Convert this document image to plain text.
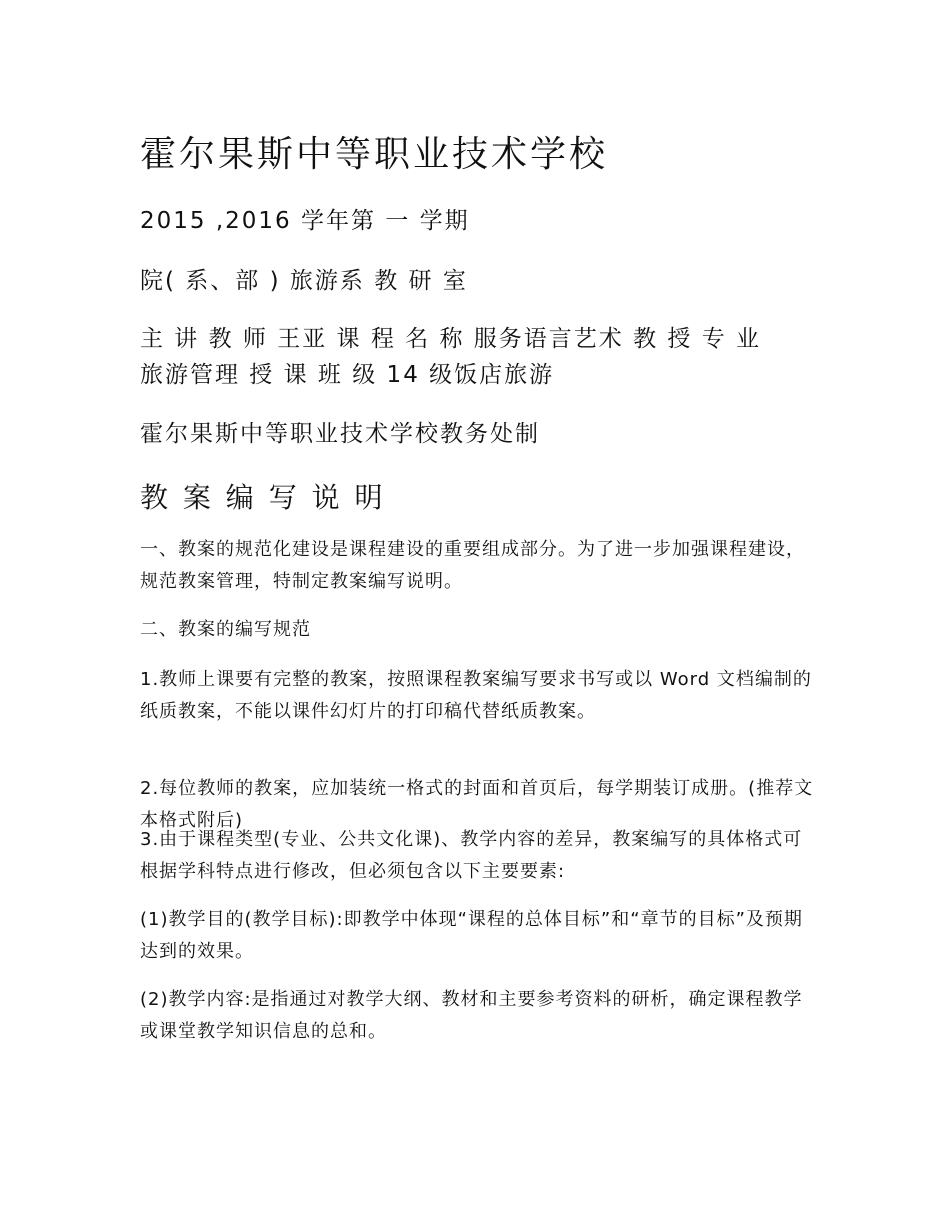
霍尔果斯中等职业技术学校

2015 ,2016 学年第 一 学期

院( 系、部 ) 旅游系 教 研 室

主 讲 教 师 王亚 课 程 名 称 服务语言艺术 教 授 专 业

旅游管理 授 课 班 级 14 级饭店旅游

霍尔果斯中等职业技术学校教务处制

教 案 编 写 说 明

一、教案的规范化建设是课程建设的重要组成部分。为了进一步加强课程建设，规范教案管理，特制定教案编写说明。

二、教案的编写规范

1.教师上课要有完整的教案，按照课程教案编写要求书写或以 Word 文档编制的纸质教案，不能以课件幻灯片的打印稿代替纸质教案。

2.每位教师的教案，应加装统一格式的封面和首页后，每学期装订成册。(推荐文本格式附后)

3.由于课程类型(专业、公共文化课)、教学内容的差异，教案编写的具体格式可根据学科特点进行修改，但必须包含以下主要要素:

(1)教学目的(教学目标):即教学中体现“课程的总体目标”和“章节的目标”及预期达到的效果。

(2)教学内容:是指通过对教学大纲、教材和主要参考资料的研析，确定课程教学或课堂教学知识信息的总和。
